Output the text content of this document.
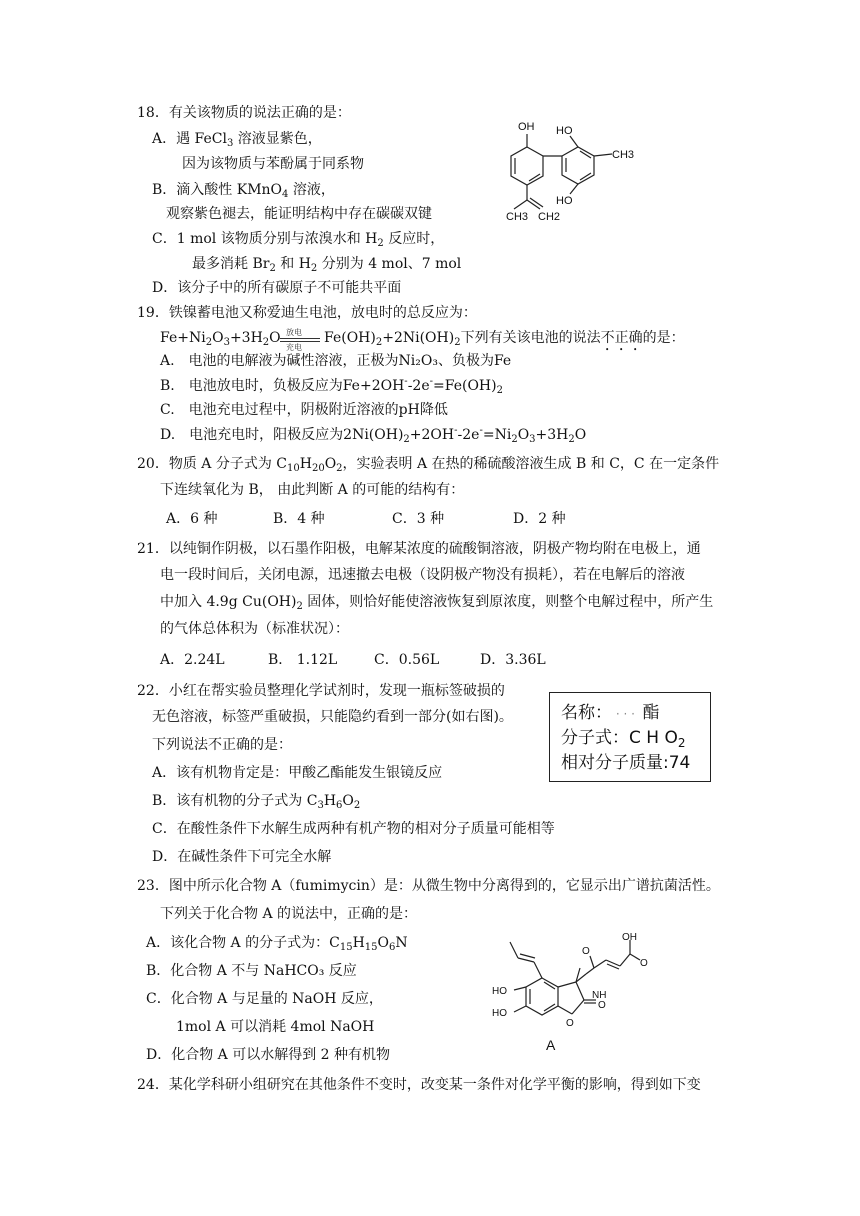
18．有关该物质的说法正确的是：
A．遇 FeCl$_3$ 溶液显紫色，
因为该物质与苯酚属于同系物
B．滴入酸性 KMnO$_4$ 溶液，
观察紫色褪去，能证明结构中存在碳碳双键
C．1 mol 该物质分别与浓溴水和 $H_2$ 反应时，
最多消耗 $Br_2$ 和 $H_2$ 分别为 4 mol、7 mol
D．该分子中的所有碳原子不可能共平面
OH HO
HO
CH3
CH3 CH2
19．铁镍蓄电池又称爱迪生电池，放电时的总反应为：
$Fe+Ni_2O_3+3H_2O$ 放电
充电
$Fe(OH)_2+2Ni(OH)_2$下列有关该电池的说法不正确的是：
A.　电池的电解液为碱性溶液，正极为Ni₂O₃、负极为Fe
B.　电池放电时，负极反应为$Fe+2OH^--2e^-=Fe(OH)_2$
C.　电池充电过程中，阴极附近溶液的pH降低
D.　电池充电时，阳极反应为$2Ni(OH)_2+2OH^--2e^-=Ni_2O_3+3H_2O$
20．物质 A 分子式为 $C_{10}H_{20}O_2$，实验表明 A 在热的稀硫酸溶液生成 B 和 C，C 在一定条件
下连续氧化为 B， 由此判断 A 的可能的结构有：
A．6 种	B．4 种	C．3 种	D．2 种
21．以纯铜作阴极，以石墨作阳极，电解某浓度的硫酸铜溶液，阴极产物均附在电极上，通
电一段时间后，关闭电源，迅速撤去电极（设阴极产物没有损耗），若在电解后的溶液
中加入 4.9g $Cu(OH)_2$ 固体，则恰好能使溶液恢复到原浓度，则整个电解过程中，所产生
的气体总体积为（标准状况）：
A．2.24L	B． 1.12L	C．0.56L	D．3.36L
22．小红在帮实验员整理化学试剂时，发现一瓶标签破损的
无色溶液，标签严重破损，只能隐约看到一部分(如右图)。
下列说法不正确的是：
A．该有机物肯定是：甲酸乙酯能发生银镜反应
B．该有机物的分子式为 $C_3H_6O_2$
C．在酸性条件下水解生成两种有机产物的相对分子质量可能相等
D．在碱性条件下可完全水解
名称： · · ·  酯
分子式：C H $O_2$
相对分子质量:74
23．图中所示化合物 A（fumimycin）是：从微生物中分离得到的，它显示出广谱抗菌活性。
下列关于化合物 A 的说法中，正确的是：
A．该化合物 A 的分子式为：$C_{15}H_{15}O_6N$
B．化合物 A 不与 NaHCO₃ 反应
C．化合物 A 与足量的 NaOH 反应，
1mol A 可以消耗 4mol NaOH
D．化合物 A 可以水解得到 2 种有机物
OH
O
NH
O
HO
HO
O
O
A
24．某化学科研小组研究在其他条件不变时，改变某一条件对化学平衡的影响，得到如下变
